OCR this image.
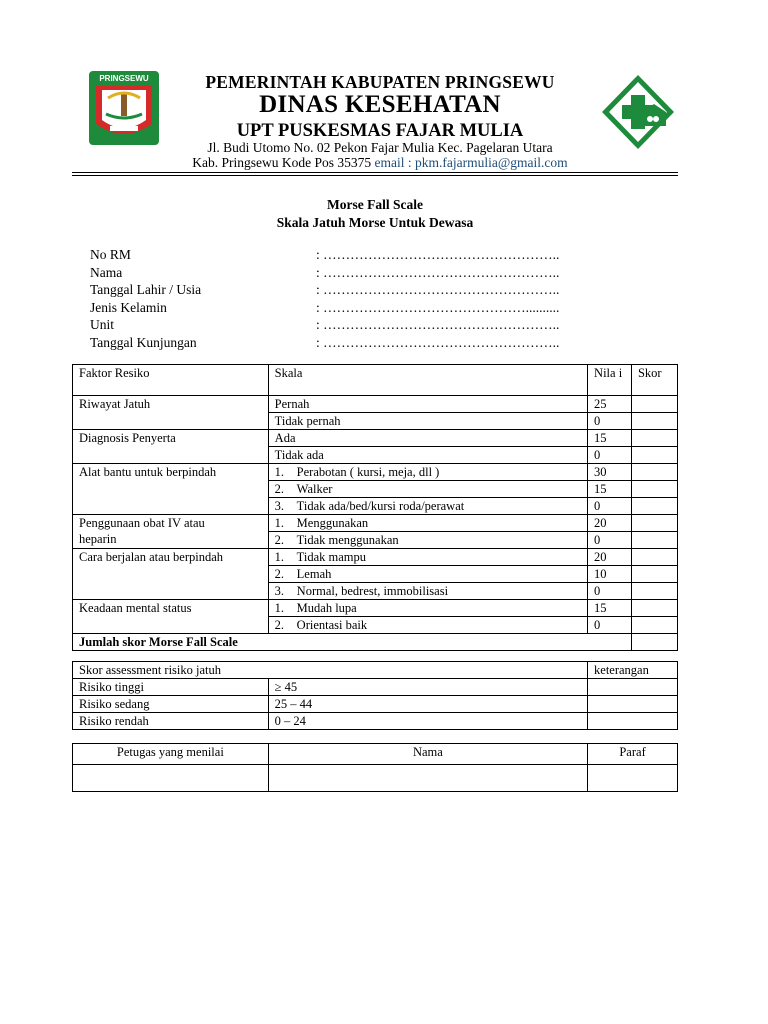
PRINGSEWU	PEMERINTAH KABUPATEN PRINGSEWU
DINAS KESEHATAN
UPT PUSKESMAS FAJAR MULIA
Jl. Budi Utomo No. 02 Pekon Fajar Mulia Kec. Pagelaran Utara
Kab. Pringsewu Kode Pos 35375 email : pkm.fajarmulia@gmail.com
Morse Fall Scale
Skala Jatuh Morse Untuk Dewasa
No RM	: ……………………………………………..
Nama	: ……………………………………………..
Tanggal Lahir / Usia	: ……………………………………………..
Jenis Kelamin	: ………………………………………..........
Unit	: ……………………………………………..
Tanggal Kunjungan	: ……………………………………………..
Faktor Resiko	Skala	Nila i	Skor
Riwayat Jatuh	Pernah	25	
	Tidak pernah	0	
Diagnosis Penyerta	Ada	15	
	Tidak ada	0	
Alat bantu untuk berpindah	1. Perabotan ( kursi, meja, dll )	30	
	2. Walker	15	
	3. Tidak ada/bed/kursi roda/perawat	0	
Penggunaan obat IV atau
heparin	1. Menggunakan	20	
	2. Tidak menggunakan	0	
Cara berjalan atau berpindah	1. Tidak mampu	20	
	2. Lemah	10	
	3. Normal, bedrest, immobilisasi	0	
Keadaan mental status	1. Mudah lupa	15	
	2. Orientasi baik	0	
Jumlah skor Morse Fall Scale			
Skor assessment risiko jatuh		keterangan
Risiko tinggi	≥ 45	
Risiko sedang	25 – 44	
Risiko rendah	0 – 24	
Petugas yang menilai	Nama	Paraf
